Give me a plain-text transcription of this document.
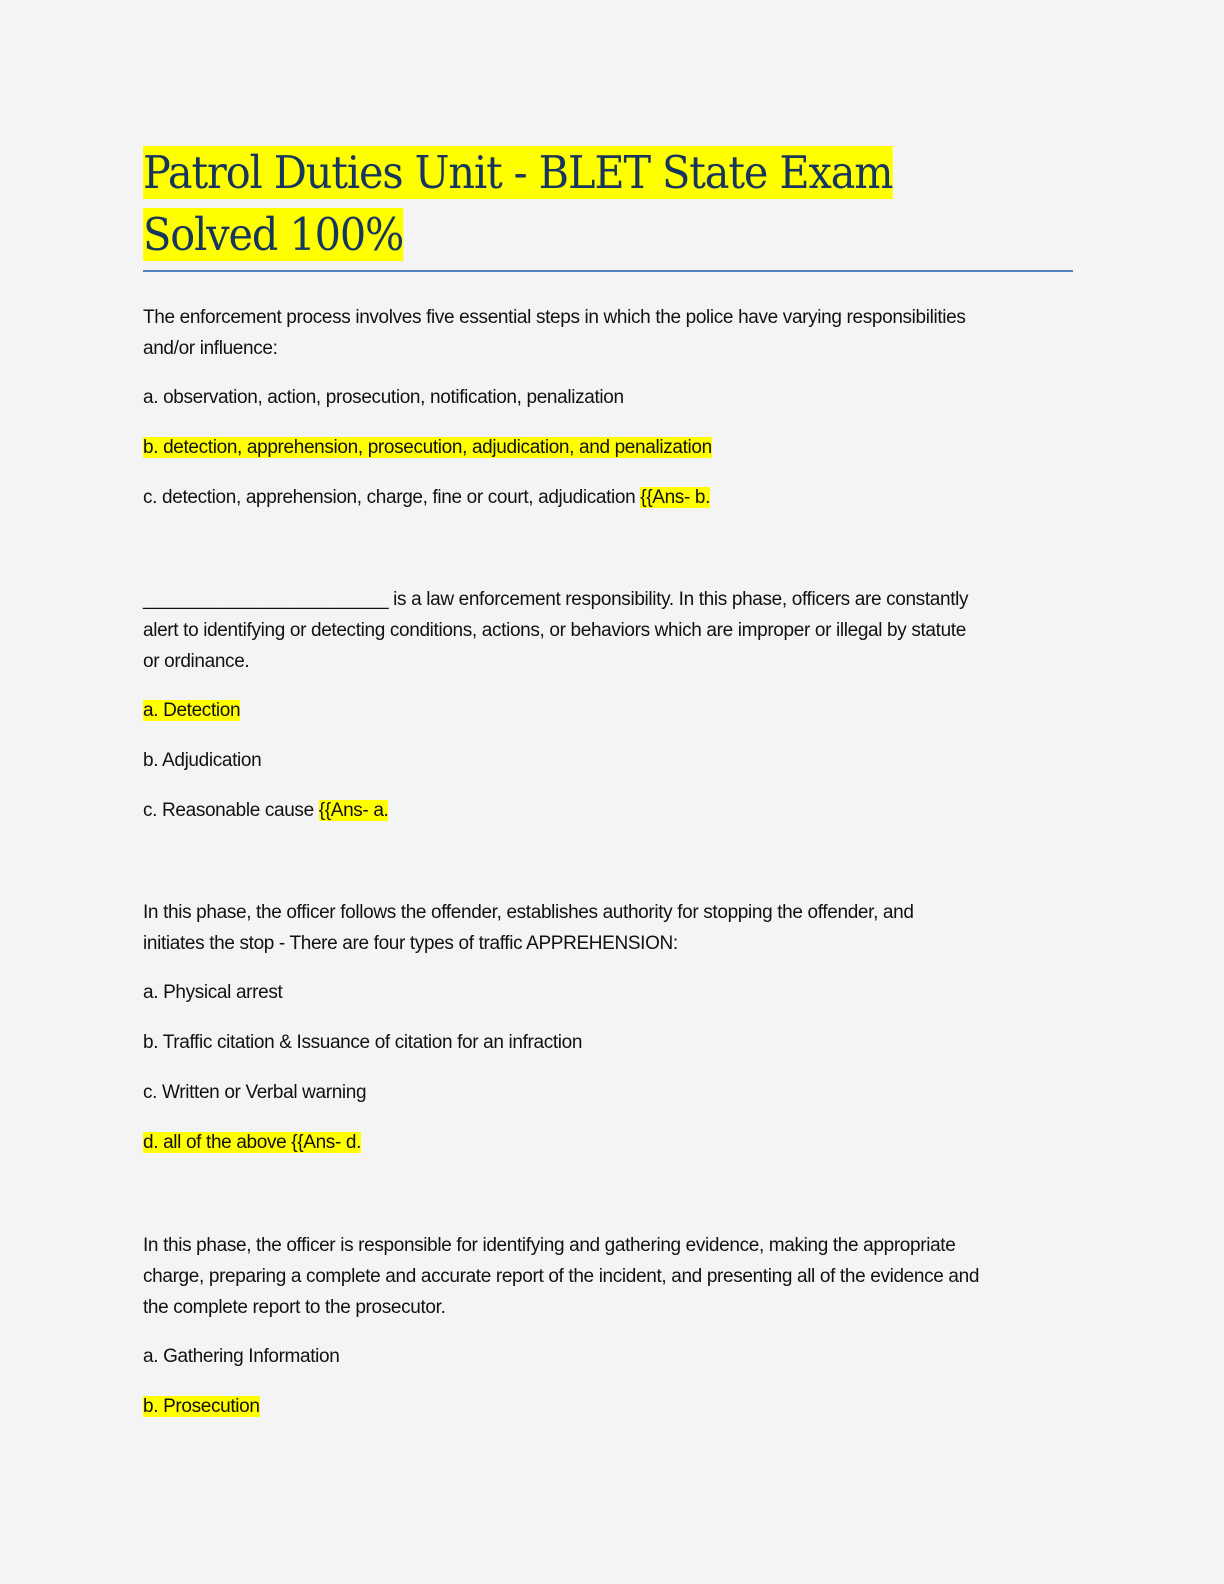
Patrol Duties Unit - BLET State Exam
Solved 100%

The enforcement process involves five essential steps in which the police have varying responsibilities
and/or influence:

a. observation, action, prosecution, notification, penalization

b. detection, apprehension, prosecution, adjudication, and penalization

c. detection, apprehension, charge, fine or court, adjudication {{Ans- b.

________________________ is a law enforcement responsibility. In this phase, officers are constantly
alert to identifying or detecting conditions, actions, or behaviors which are improper or illegal by statute
or ordinance.

a. Detection

b. Adjudication

c. Reasonable cause {{Ans- a.

In this phase, the officer follows the offender, establishes authority for stopping the offender, and
initiates the stop - There are four types of traffic APPREHENSION:

a. Physical arrest

b. Traffic citation & Issuance of citation for an infraction

c. Written or Verbal warning

d. all of the above {{Ans- d.

In this phase, the officer is responsible for identifying and gathering evidence, making the appropriate
charge, preparing a complete and accurate report of the incident, and presenting all of the evidence and
the complete report to the prosecutor.

a. Gathering Information

b. Prosecution
